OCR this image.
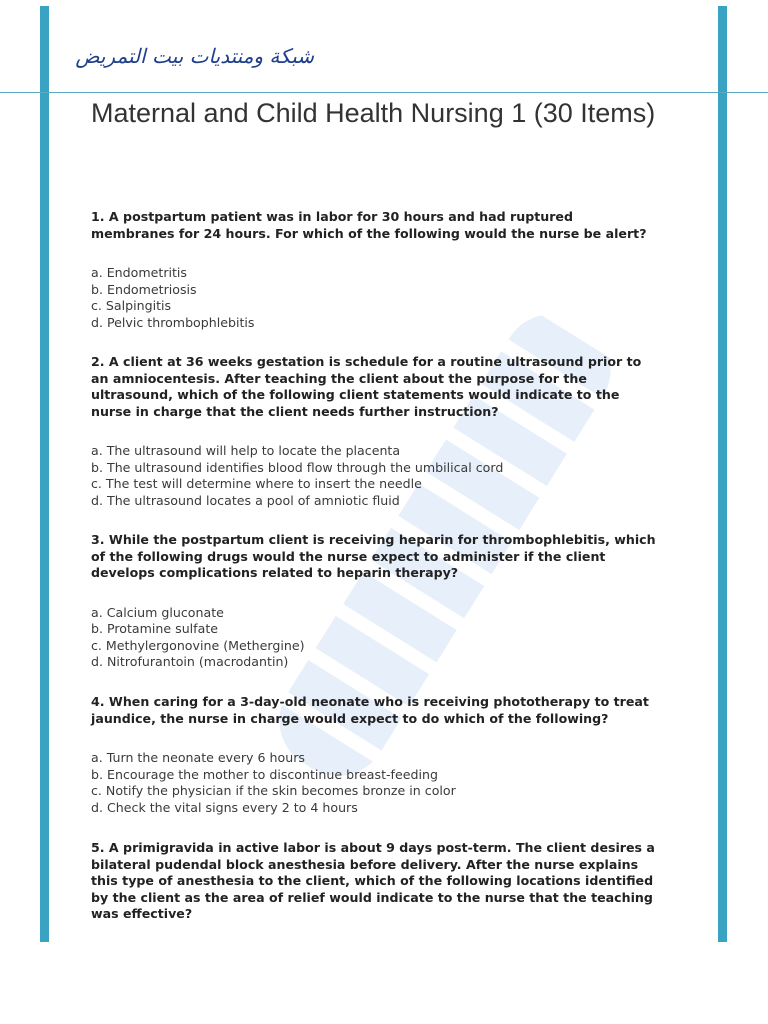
شبكة ومنتديات بيت التمريض
Maternal and Child Health Nursing 1 (30 Items)

1. A postpartum patient was in labor for 30 hours and had ruptured
membranes for 24 hours. For which of the following would the nurse be alert?

a. Endometritis
b. Endometriosis
c. Salpingitis
d. Pelvic thrombophlebitis

2. A client at 36 weeks gestation is schedule for a routine ultrasound prior to
an amniocentesis. After teaching the client about the purpose for the
ultrasound, which of the following client statements would indicate to the
nurse in charge that the client needs further instruction?

a. The ultrasound will help to locate the placenta
b. The ultrasound identifies blood flow through the umbilical cord
c. The test will determine where to insert the needle
d. The ultrasound locates a pool of amniotic fluid

3. While the postpartum client is receiving heparin for thrombophlebitis, which
of the following drugs would the nurse expect to administer if the client
develops complications related to heparin therapy?

a. Calcium gluconate
b. Protamine sulfate
c. Methylergonovine (Methergine)
d. Nitrofurantoin (macrodantin)

4. When caring for a 3-day-old neonate who is receiving phototherapy to treat
jaundice, the nurse in charge would expect to do which of the following?

a. Turn the neonate every 6 hours
b. Encourage the mother to discontinue breast-feeding
c. Notify the physician if the skin becomes bronze in color
d. Check the vital signs every 2 to 4 hours

5. A primigravida in active labor is about 9 days post-term. The client desires a
bilateral pudendal block anesthesia before delivery. After the nurse explains
this type of anesthesia to the client, which of the following locations identified
by the client as the area of relief would indicate to the nurse that the teaching
was effective?
